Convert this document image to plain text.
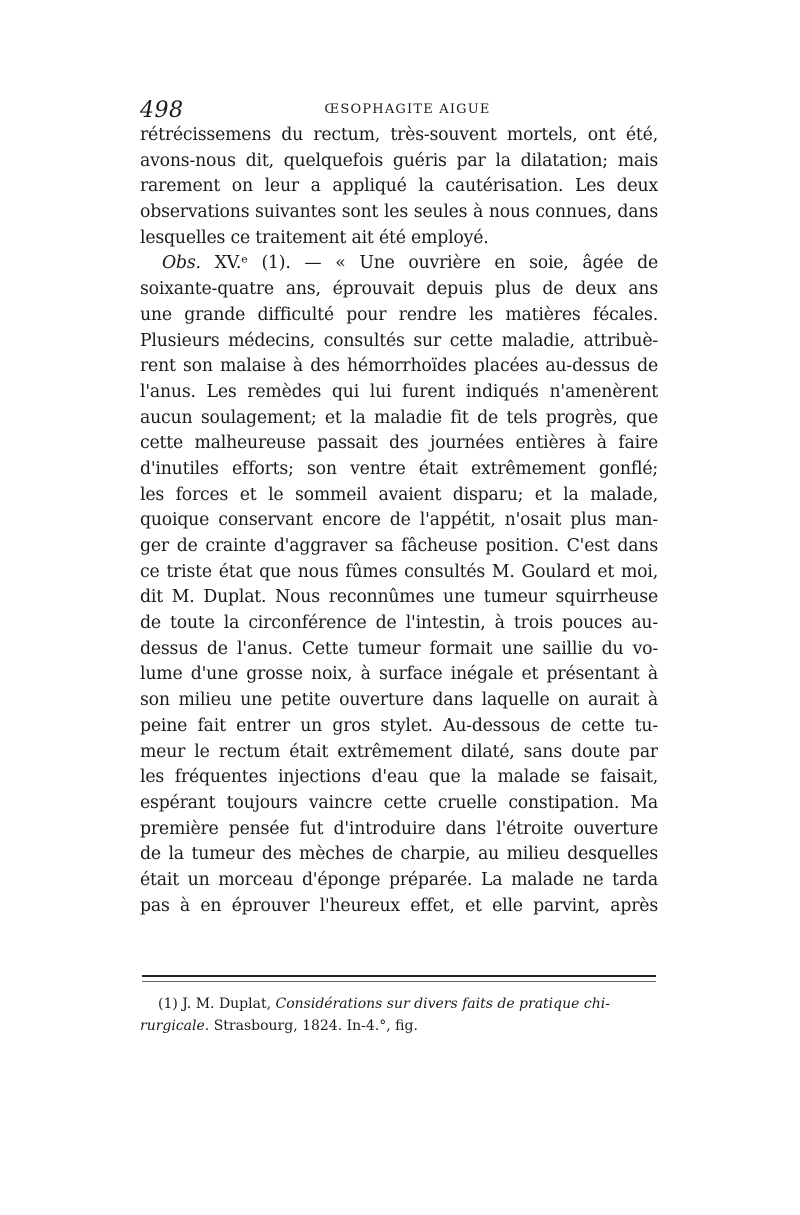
498	ŒSOPHAGITE AIGUE
rétrécissemens du rectum, très-souvent mortels, ont été,
avons-nous dit, quelquefois guéris par la dilatation; mais
rarement on leur a appliqué la cautérisation. Les deux
observations suivantes sont les seules à nous connues, dans
lesquelles ce traitement ait été employé.
Obs. XV.ᵉ (1). — « Une ouvrière en soie, âgée de
soixante-quatre ans, éprouvait depuis plus de deux ans
une grande difficulté pour rendre les matières fécales.
Plusieurs médecins, consultés sur cette maladie, attribuè-
rent son malaise à des hémorrhoïdes placées au-dessus de
l'anus. Les remèdes qui lui furent indiqués n'amenèrent
aucun soulagement; et la maladie fit de tels progrès, que
cette malheureuse passait des journées entières à faire
d'inutiles efforts; son ventre était extrêmement gonflé;
les forces et le sommeil avaient disparu; et la malade,
quoique conservant encore de l'appétit, n'osait plus man-
ger de crainte d'aggraver sa fâcheuse position. C'est dans
ce triste état que nous fûmes consultés M. Goulard et moi,
dit M. Duplat. Nous reconnûmes une tumeur squirrheuse
de toute la circonférence de l'intestin, à trois pouces au-
dessus de l'anus. Cette tumeur formait une saillie du vo-
lume d'une grosse noix, à surface inégale et présentant à
son milieu une petite ouverture dans laquelle on aurait à
peine fait entrer un gros stylet. Au-dessous de cette tu-
meur le rectum était extrêmement dilaté, sans doute par
les fréquentes injections d'eau que la malade se faisait,
espérant toujours vaincre cette cruelle constipation. Ma
première pensée fut d'introduire dans l'étroite ouverture
de la tumeur des mèches de charpie, au milieu desquelles
était un morceau d'éponge préparée. La malade ne tarda
pas à en éprouver l'heureux effet, et elle parvint, après
(1) J. M. Duplat, Considérations sur divers faits de pratique chi-
rurgicale. Strasbourg, 1824. In-4.°, fig.
